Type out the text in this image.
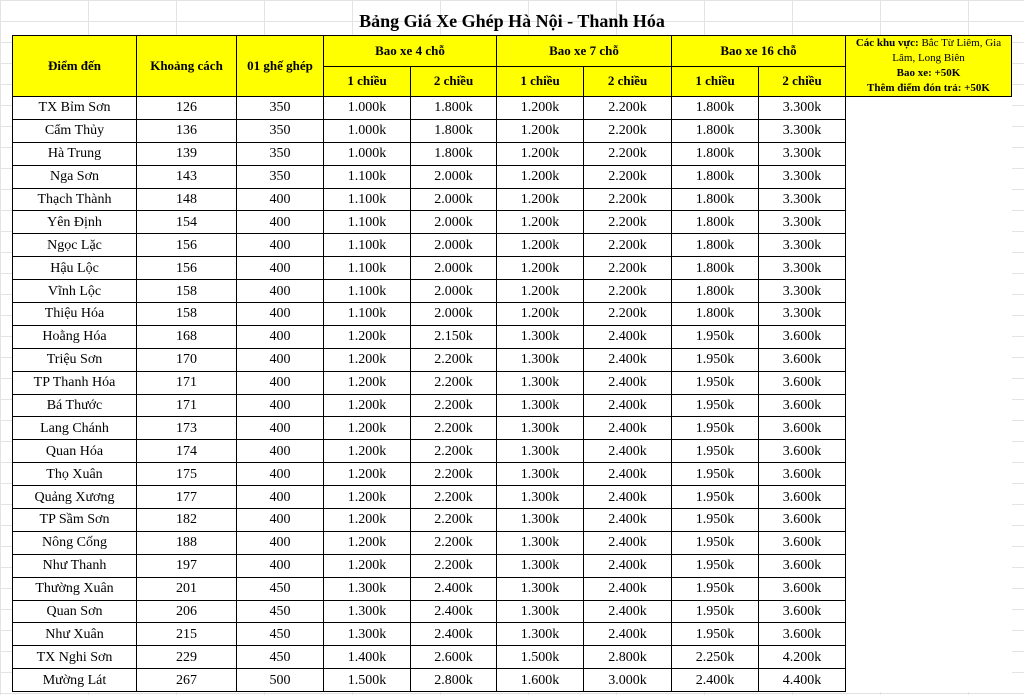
Bảng Giá Xe Ghép Hà Nội - Thanh Hóa
Điểm đến	Khoảng cách	01 ghế ghép	Bao xe 4 chỗ		Bao xe 7 chỗ		Bao xe 16 chỗ		Các khu vực: Bắc Từ Liêm, Gia Lâm, Long Biên
Bao xe: +50K
Thêm điểm đón trả: +50K

			1 chiều	2 chiều	1 chiều	2 chiều	1 chiều	2 chiều	
TX Bỉm Sơn	126	350	1.000k	1.800k	1.200k	2.200k	1.800k	3.300k	
Cẩm Thủy	136	350	1.000k	1.800k	1.200k	2.200k	1.800k	3.300k	
Hà Trung	139	350	1.000k	1.800k	1.200k	2.200k	1.800k	3.300k	
Nga Sơn	143	350	1.100k	2.000k	1.200k	2.200k	1.800k	3.300k	
Thạch Thành	148	400	1.100k	2.000k	1.200k	2.200k	1.800k	3.300k	
Yên Định	154	400	1.100k	2.000k	1.200k	2.200k	1.800k	3.300k	
Ngọc Lặc	156	400	1.100k	2.000k	1.200k	2.200k	1.800k	3.300k	
Hậu Lộc	156	400	1.100k	2.000k	1.200k	2.200k	1.800k	3.300k	
Vĩnh Lộc	158	400	1.100k	2.000k	1.200k	2.200k	1.800k	3.300k	
Thiệu Hóa	158	400	1.100k	2.000k	1.200k	2.200k	1.800k	3.300k	
Hoằng Hóa	168	400	1.200k	2.150k	1.300k	2.400k	1.950k	3.600k	
Triệu Sơn	170	400	1.200k	2.200k	1.300k	2.400k	1.950k	3.600k	
TP Thanh Hóa	171	400	1.200k	2.200k	1.300k	2.400k	1.950k	3.600k	
Bá Thước	171	400	1.200k	2.200k	1.300k	2.400k	1.950k	3.600k	
Lang Chánh	173	400	1.200k	2.200k	1.300k	2.400k	1.950k	3.600k	
Quan Hóa	174	400	1.200k	2.200k	1.300k	2.400k	1.950k	3.600k	
Thọ Xuân	175	400	1.200k	2.200k	1.300k	2.400k	1.950k	3.600k	
Quảng Xương	177	400	1.200k	2.200k	1.300k	2.400k	1.950k	3.600k	
TP Sầm Sơn	182	400	1.200k	2.200k	1.300k	2.400k	1.950k	3.600k	
Nông Cống	188	400	1.200k	2.200k	1.300k	2.400k	1.950k	3.600k	
Như Thanh	197	400	1.200k	2.200k	1.300k	2.400k	1.950k	3.600k	
Thường Xuân	201	450	1.300k	2.400k	1.300k	2.400k	1.950k	3.600k	
Quan Sơn	206	450	1.300k	2.400k	1.300k	2.400k	1.950k	3.600k	
Như Xuân	215	450	1.300k	2.400k	1.300k	2.400k	1.950k	3.600k	
TX Nghi Sơn	229	450	1.400k	2.600k	1.500k	2.800k	2.250k	4.200k	
Mường Lát	267	500	1.500k	2.800k	1.600k	3.000k	2.400k	4.400k	
